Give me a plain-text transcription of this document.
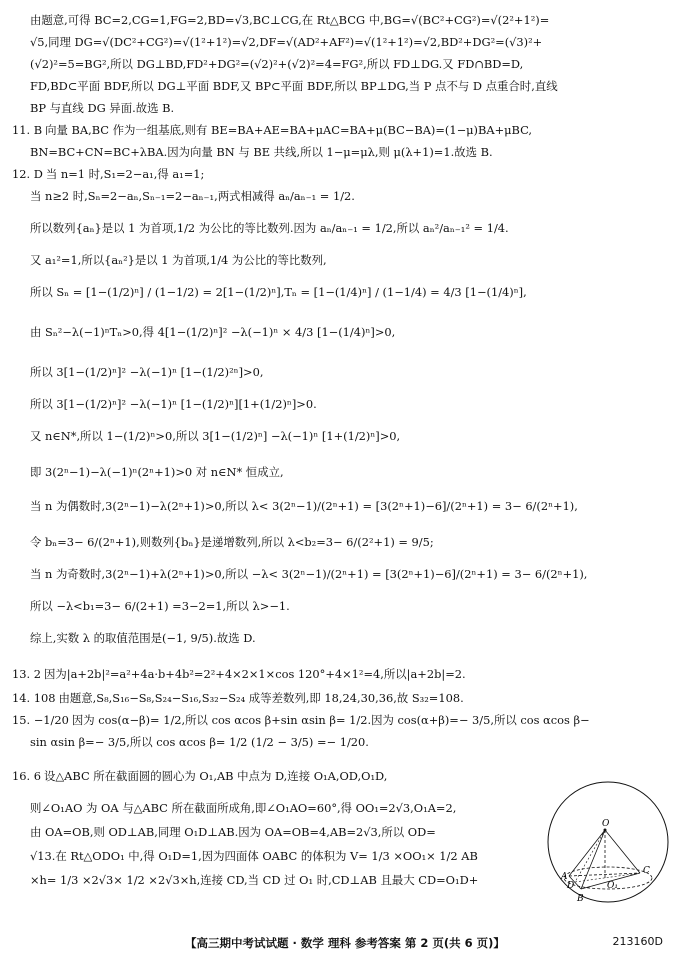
由题意,可得 BC=2,CG=1,FG=2,BD=√3,BC⊥CG,在 Rt△BCG 中,BG=√(BC²+CG²)=√(2²+1²)=
√5,同理 DG=√(DC²+CG²)=√(1²+1²)=√2,DF=√(AD²+AF²)=√(1²+1²)=√2,BD²+DG²=(√3)²+
(√2)²=5=BG²,所以 DG⊥BD,FD²+DG²=(√2)²+(√2)²=4=FG²,所以 FD⊥DG.又 FD∩BD=D,
FD,BD⊂平面 BDF,所以 DG⊥平面 BDF,又 BP⊂平面 BDF,所以 BP⊥DG,当 P 点不与 D 点重合时,直线
BP 与直线 DG 异面.故选 B.
11. B 向量 BA,BC 作为一组基底,则有 BE=BA+AE=BA+μAC=BA+μ(BC−BA)=(1−μ)BA+μBC,
BN=BC+CN=BC+λBA.因为向量 BN 与 BE 共线,所以 1−μ=μλ,则 μ(λ+1)=1.故选 B.
12. D 当 n=1 时,S₁=2−a₁,得 a₁=1;
当 n≥2 时,Sₙ=2−aₙ,Sₙ₋₁=2−aₙ₋₁,两式相减得 aₙ/aₙ₋₁ = 1/2.
所以数列{aₙ}是以 1 为首项,1/2 为公比的等比数列.因为 aₙ/aₙ₋₁ = 1/2,所以 aₙ²/aₙ₋₁² = 1/4.
又 a₁²=1,所以{aₙ²}是以 1 为首项,1/4 为公比的等比数列,
所以 Sₙ = [1−(1/2)ⁿ] / (1−1/2) = 2[1−(1/2)ⁿ],Tₙ = [1−(1/4)ⁿ] / (1−1/4) = 4/3 [1−(1/4)ⁿ],
由 Sₙ²−λ(−1)ⁿTₙ>0,得 4[1−(1/2)ⁿ]² −λ(−1)ⁿ × 4/3 [1−(1/4)ⁿ]>0,
所以 3[1−(1/2)ⁿ]² −λ(−1)ⁿ [1−(1/2)²ⁿ]>0,
所以 3[1−(1/2)ⁿ]² −λ(−1)ⁿ [1−(1/2)ⁿ][1+(1/2)ⁿ]>0.
又 n∈N*,所以 1−(1/2)ⁿ>0,所以 3[1−(1/2)ⁿ] −λ(−1)ⁿ [1+(1/2)ⁿ]>0,
即 3(2ⁿ−1)−λ(−1)ⁿ(2ⁿ+1)>0 对 n∈N* 恒成立,
当 n 为偶数时,3(2ⁿ−1)−λ(2ⁿ+1)>0,所以 λ< 3(2ⁿ−1)/(2ⁿ+1) = [3(2ⁿ+1)−6]/(2ⁿ+1) = 3− 6/(2ⁿ+1),
令 bₙ=3− 6/(2ⁿ+1),则数列{bₙ}是递增数列,所以 λ<b₂=3− 6/(2²+1) = 9/5;
当 n 为奇数时,3(2ⁿ−1)+λ(2ⁿ+1)>0,所以 −λ< 3(2ⁿ−1)/(2ⁿ+1) = [3(2ⁿ+1)−6]/(2ⁿ+1) = 3− 6/(2ⁿ+1),
所以 −λ<b₁=3− 6/(2+1) =3−2=1,所以 λ>−1.
综上,实数 λ 的取值范围是(−1, 9/5).故选 D.
13. 2 因为|a+2b|²=a²+4a·b+4b²=2²+4×2×1×cos 120°+4×1²=4,所以|a+2b|=2.
14. 108 由题意,S₈,S₁₆−S₈,S₂₄−S₁₆,S₃₂−S₂₄ 成等差数列,即 18,24,30,36,故 S₃₂=108.
15. −1/20 因为 cos(α−β)= 1/2,所以 cos αcos β+sin αsin β= 1/2.因为 cos(α+β)=− 3/5,所以 cos αcos β−
sin αsin β=− 3/5,所以 cos αcos β= 1/2 (1/2 − 3/5) =− 1/20.
16. 6 设△ABC 所在截面圆的圆心为 O₁,AB 中点为 D,连接 O₁A,OD,O₁D,
则∠O₁AO 为 OA 与△ABC 所在截面所成角,即∠O₁AO=60°,得 OO₁=2√3,O₁A=2,
由 OA=OB,则 OD⊥AB,同理 O₁D⊥AB.因为 OA=OB=4,AB=2√3,所以 OD=
√13.在 Rt△ODO₁ 中,得 O₁D=1,因为四面体 OABC 的体积为 V= 1/3 ×OO₁× 1/2 AB
×h= 1/3 ×2√3× 1/2 ×2√3×h,连接 CD,当 CD 过 O₁ 时,CD⊥AB 且最大 CD=O₁D+
O
A
B
C
D	O₁
【高三期中考试试题 · 数学 理科 参考答案 第 2 页(共 6 页)】	213160D
